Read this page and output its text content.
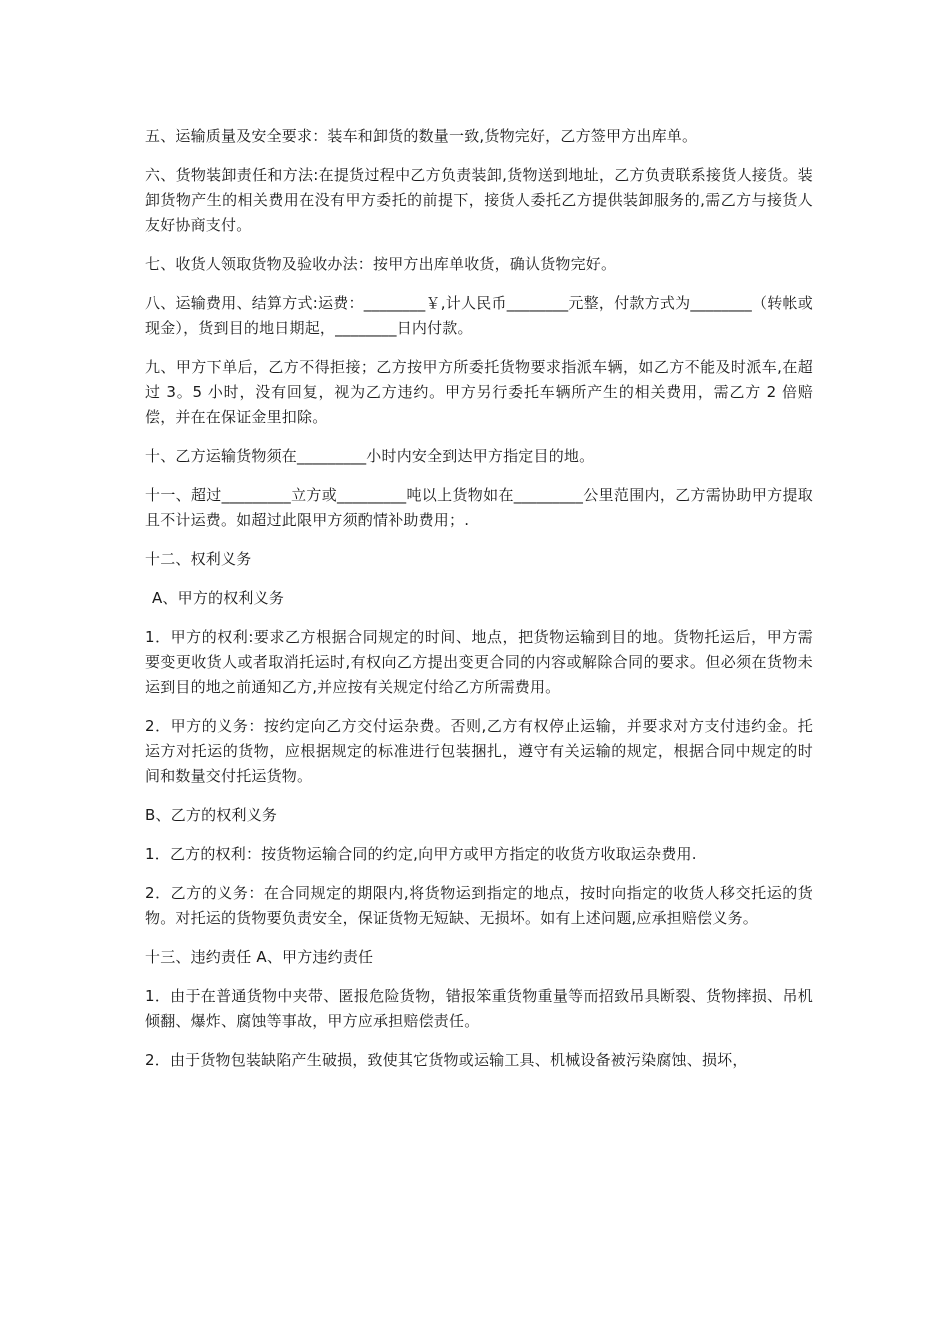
五、运输质量及安全要求：装车和卸货的数量一致,货物完好，乙方签甲方出库单。

六、货物装卸责任和方法:在提货过程中乙方负责装卸,货物送到地址，乙方负责联系接货人接货。装卸货物产生的相关费用在没有甲方委托的前提下，接货人委托乙方提供装卸服务的,需乙方与接货人友好协商支付。

七、收货人领取货物及验收办法：按甲方出库单收货，确认货物完好。

八、运输费用、结算方式:运费：________￥,计人民币________元整，付款方式为________（转帐或现金），货到目的地日期起，________日内付款。

九、甲方下单后，乙方不得拒接；乙方按甲方所委托货物要求指派车辆，如乙方不能及时派车,在超过 3。5 小时，没有回复，视为乙方违约。甲方另行委托车辆所产生的相关费用，需乙方 2 倍赔偿，并在在保证金里扣除。

十、乙方运输货物须在_________小时内安全到达甲方指定目的地。

十一、超过_________立方或_________吨以上货物如在_________公里范围内，乙方需协助甲方提取且不计运费。如超过此限甲方须酌情补助费用；.

十二、权利义务

A、甲方的权利义务

1．甲方的权利:要求乙方根据合同规定的时间、地点，把货物运输到目的地。货物托运后，甲方需要变更收货人或者取消托运时,有权向乙方提出变更合同的内容或解除合同的要求。但必须在货物未运到目的地之前通知乙方,并应按有关规定付给乙方所需费用。

2．甲方的义务：按约定向乙方交付运杂费。否则,乙方有权停止运输，并要求对方支付违约金。托运方对托运的货物，应根据规定的标准进行包装捆扎，遵守有关运输的规定，根据合同中规定的时间和数量交付托运货物。

B、乙方的权利义务

1．乙方的权利：按货物运输合同的约定,向甲方或甲方指定的收货方收取运杂费用.

2．乙方的义务：在合同规定的期限内,将货物运到指定的地点，按时向指定的收货人移交托运的货物。对托运的货物要负责安全，保证货物无短缺、无损坏。如有上述问题,应承担赔偿义务。

十三、违约责任 A、甲方违约责任

1．由于在普通货物中夹带、匿报危险货物，错报笨重货物重量等而招致吊具断裂、货物摔损、吊机倾翻、爆炸、腐蚀等事故，甲方应承担赔偿责任。

2．由于货物包装缺陷产生破损，致使其它货物或运输工具、机械设备被污染腐蚀、损坏，
